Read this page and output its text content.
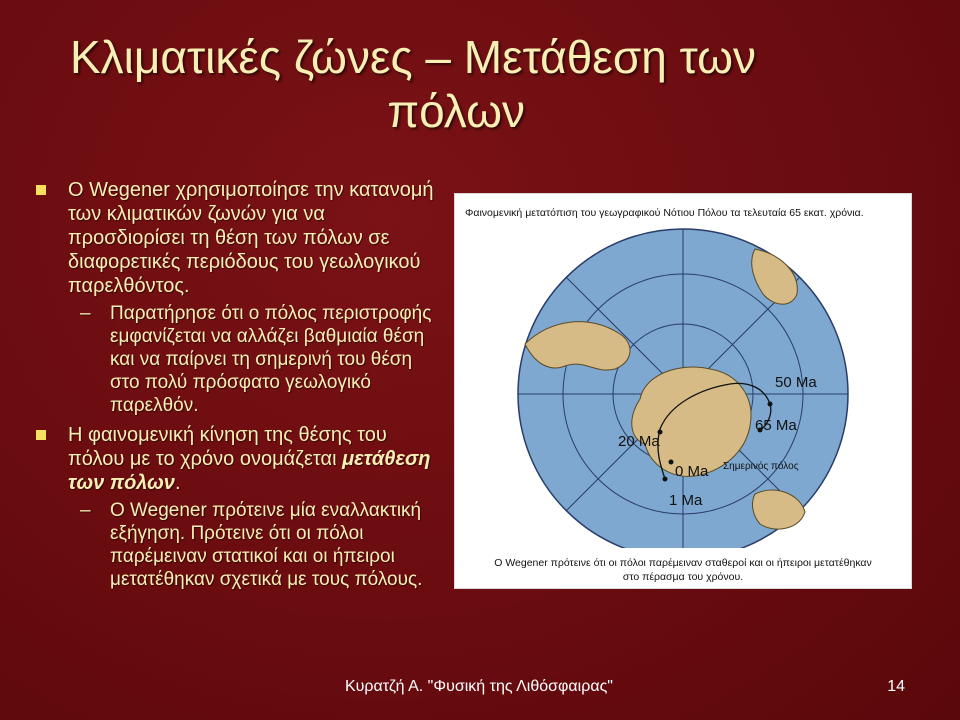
Κλιματικές ζώνες – Μετάθεση των
πόλων
Ο Wegener χρησιμοποίησε την κατανομή των κλιματικών ζωνών για να προσδιορίσει τη θέση των πόλων σε διαφορετικές περιόδους του γεωλογικού παρελθόντος.
– Παρατήρησε ότι ο πόλος περιστροφής εμφανίζεται να αλλάζει βαθμιαία θέση και να παίρνει τη σημερινή του θέση στο πολύ πρόσφατο γεωλογικό παρελθόν.
Η φαινομενική κίνηση της θέσης του πόλου με το χρόνο ονομάζεται μετάθεση των πόλων.
– Ο Wegener πρότεινε μία εναλλακτική εξήγηση. Πρότεινε ότι οι πόλοι παρέμειναν στατικοί και οι ήπειροι μετατέθηκαν σχετικά με τους πόλους.
Φαινομενική μετατόπιση του γεωγραφικού Νότιου Πόλου τα τελευταία 65 εκατ. χρόνια.
50 Ma
65 Ma
20 Ma
0 Ma
1 Ma
Σημερινός πόλος
Ο Wegener πρότεινε ότι οι πόλοι παρέμειναν σταθεροί και οι ήπειροι μετατέθηκαν
στο πέρασμα του χρόνου.
Κυρατζή Α. "Φυσική της Λιθόσφαιρας"	14
